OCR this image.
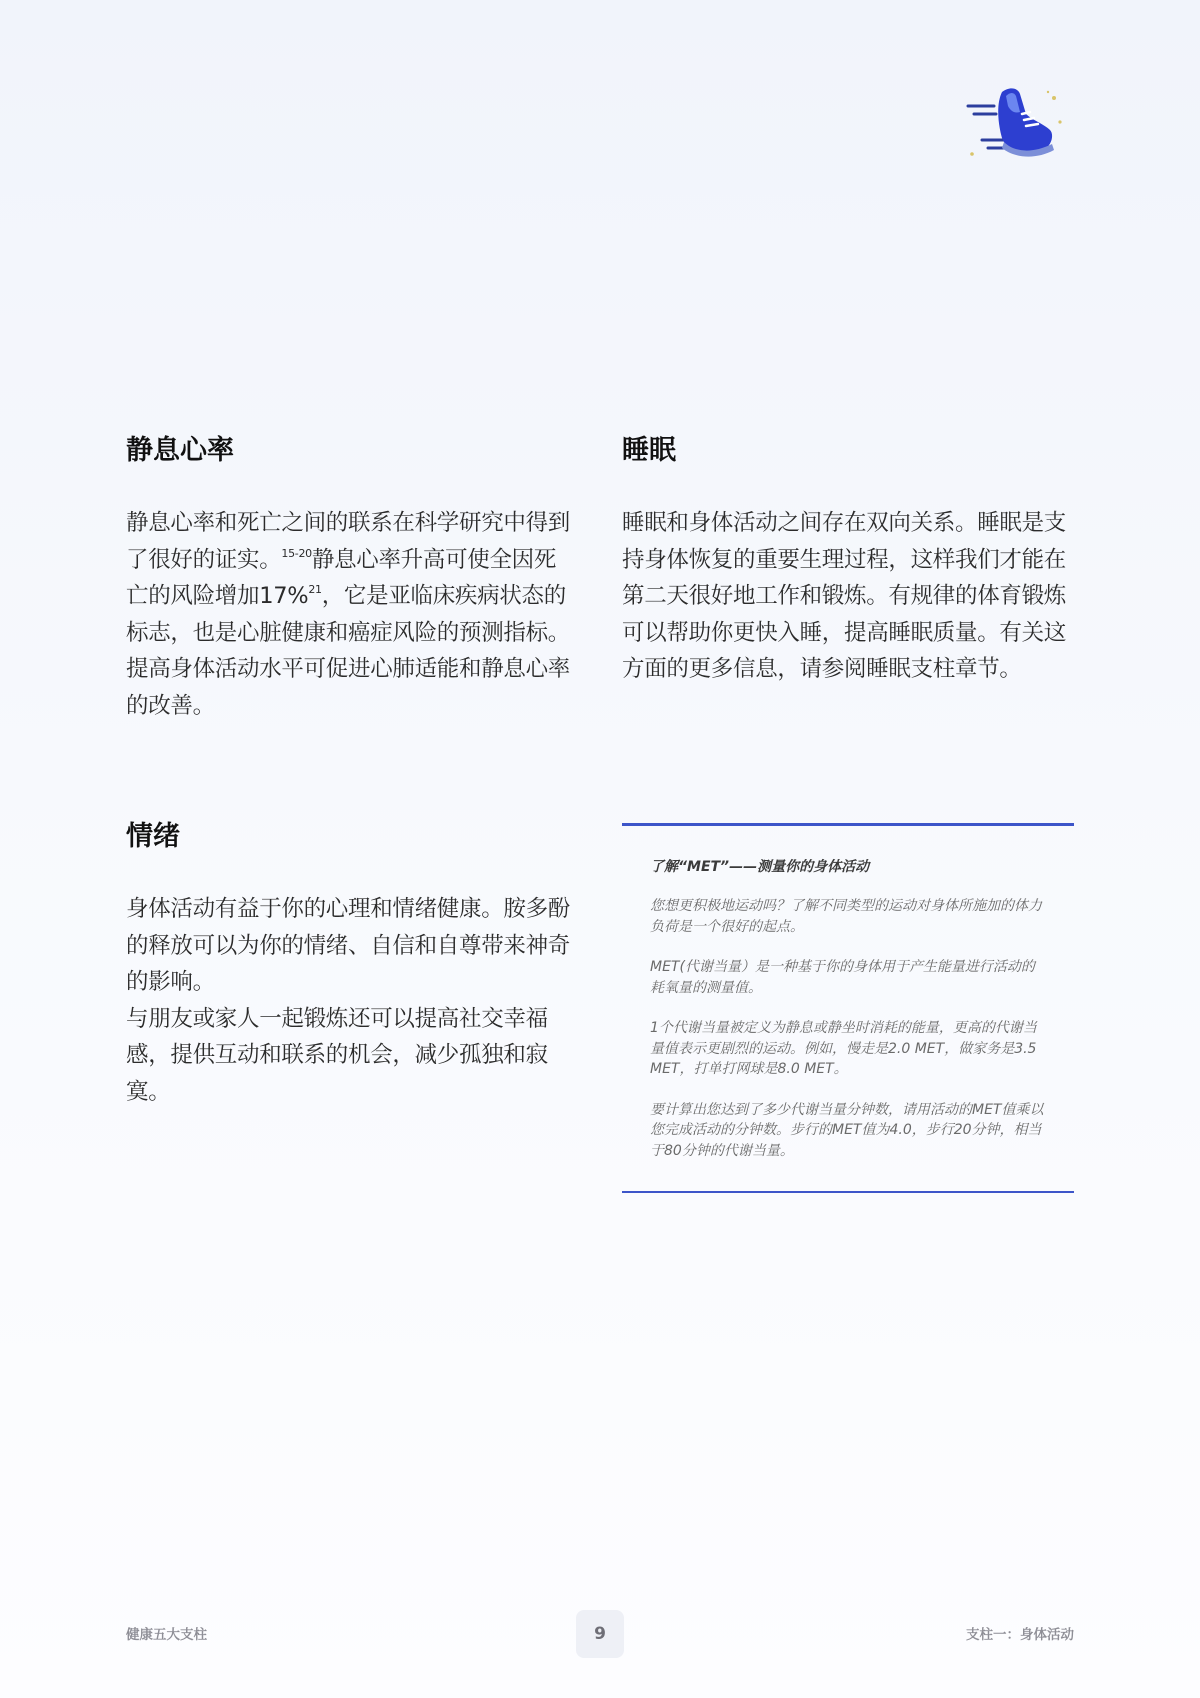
静息心率

静息心率和死亡之间的联系在科学研究中得到了很好的证实。$^{15-20}$静息心率升高可使全因死亡的风险增加17%$^{21}$，它是亚临床疾病状态的标志，也是心脏健康和癌症风险的预测指标。提高身体活动水平可促进心肺适能和静息心率的改善。

睡眠

睡眠和身体活动之间存在双向关系。睡眠是支持身体恢复的重要生理过程，这样我们才能在第二天很好地工作和锻炼。有规律的体育锻炼可以帮助你更快入睡，提高睡眠质量。有关这方面的更多信息，请参阅睡眠支柱章节。

情绪

身体活动有益于你的心理和情绪健康。胺多酚的释放可以为你的情绪、自信和自尊带来神奇的影响。
与朋友或家人一起锻炼还可以提高社交幸福感，提供互动和联系的机会，减少孤独和寂寞。

了解“MET”——测量你的身体活动

您想更积极地运动吗？了解不同类型的运动对身体所施加的体力负荷是一个很好的起点。

MET(代谢当量）是一种基于你的身体用于产生能量进行活动的耗氧量的测量值。

1个代谢当量被定义为静息或静坐时消耗的能量，更高的代谢当量值表示更剧烈的运动。例如，慢走是2.0 MET，做家务是3.5 MET，打单打网球是8.0 MET。

要计算出您达到了多少代谢当量分钟数，请用活动的MET值乘以您完成活动的分钟数。步行的MET值为4.0，步行20分钟，相当于80分钟的代谢当量。

健康五大支柱	9	支柱一：身体活动
